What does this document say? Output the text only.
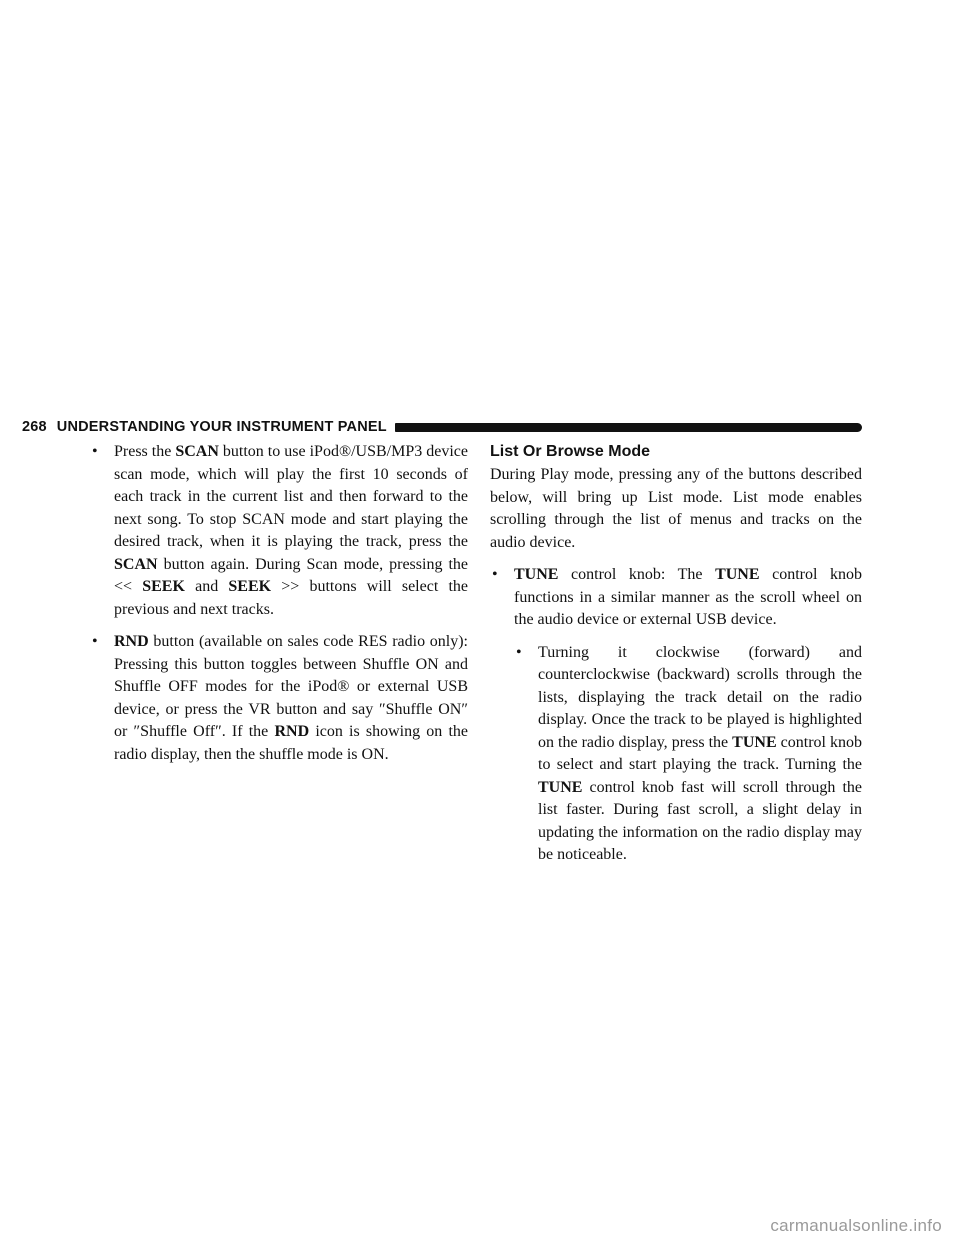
268 UNDERSTANDING YOUR INSTRUMENT PANEL
• Press the SCAN button to use iPod®/USB/MP3 device scan mode, which will play the first 10 seconds of each track in the current list and then forward to the next song. To stop SCAN mode and start playing the desired track, when it is playing the track, press the SCAN button again. During Scan mode, pressing the << SEEK and SEEK >> buttons will select the previous and next tracks.
• RND button (available on sales code RES radio only): Pressing this button toggles between Shuffle ON and Shuffle OFF modes for the iPod® or external USB device, or press the VR button and say ″Shuffle ON″ or ″Shuffle Off″. If the RND icon is showing on the radio display, then the shuffle mode is ON.
List Or Browse Mode

During Play mode, pressing any of the buttons described below, will bring up List mode. List mode enables scrolling through the list of menus and tracks on the audio device.

• TUNE control knob: The TUNE control knob functions in a similar manner as the scroll wheel on the audio device or external USB device.
• Turning it clockwise (forward) and counterclockwise (backward) scrolls through the lists, displaying the track detail on the radio display. Once the track to be played is highlighted on the radio display, press the TUNE control knob to select and start playing the track. Turning the TUNE control knob fast will scroll through the list faster. During fast scroll, a slight delay in updating the information on the radio display may be noticeable.
carmanualsonline.info
